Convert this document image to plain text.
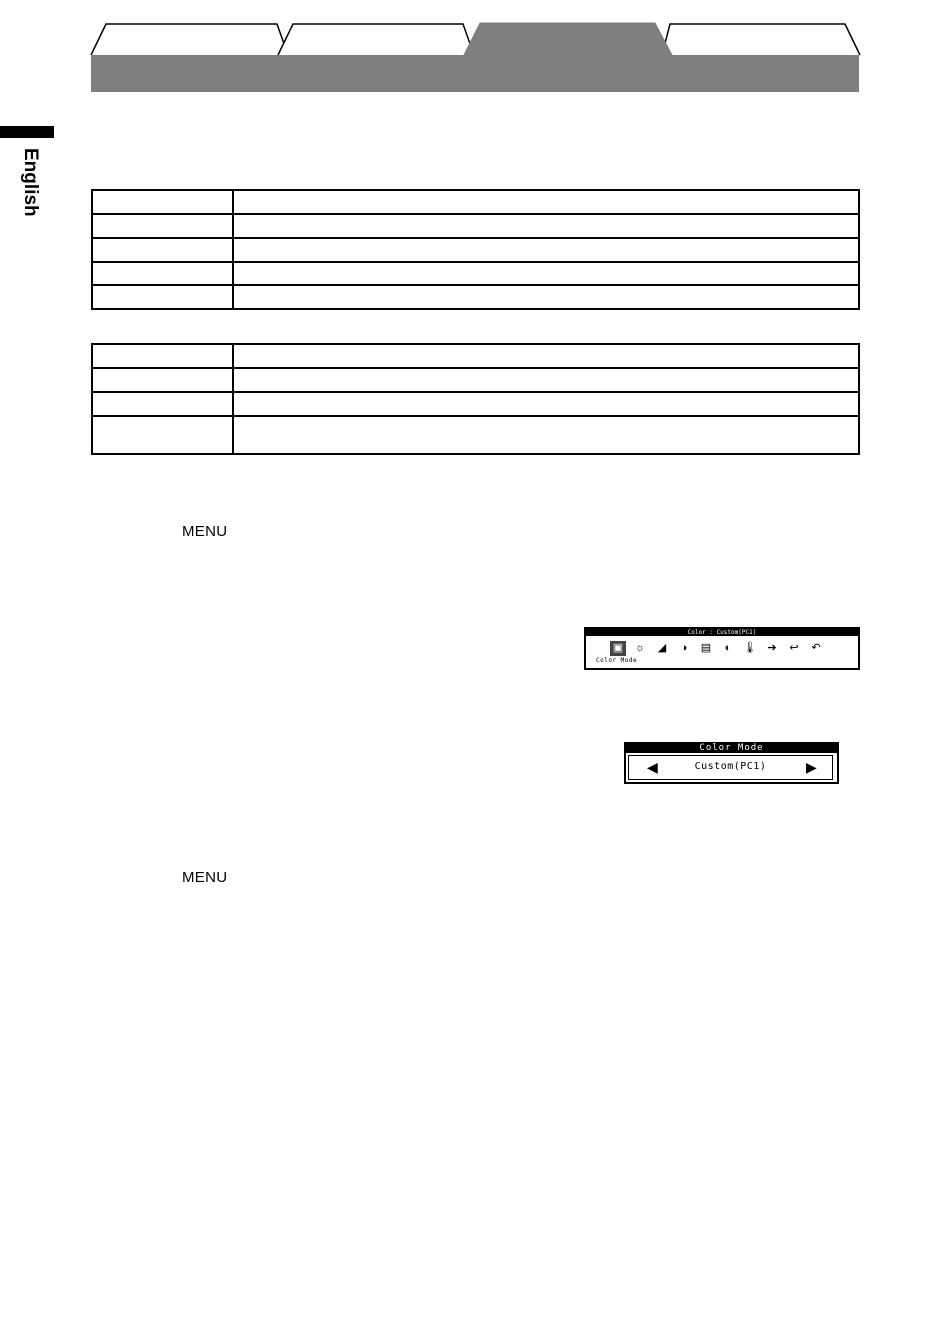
English

MENU
MENU
Color : Custom(PC1)
▣ ☼	◢	◑	▤	◐	🌡 ➔	↩	↶
Color Mode
Color Mode
◀	Custom(PC1)	▶
